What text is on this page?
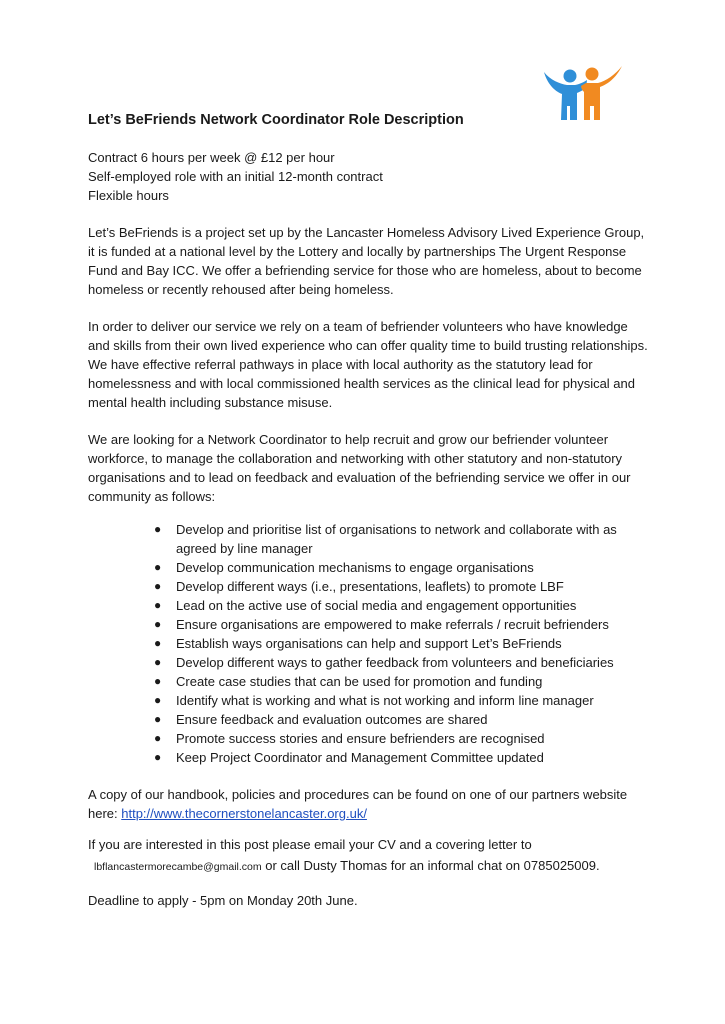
Let’s BeFriends Network Coordinator Role Description
Contract 6 hours per week @ £12 per hour
Self-employed role with an initial 12-month contract
Flexible hours

Let’s BeFriends is a project set up by the Lancaster Homeless Advisory Lived Experience Group, it is funded at a national level by the Lottery and locally by partnerships The Urgent Response Fund and Bay ICC. We offer a befriending service for those who are homeless, about to become homeless or recently rehoused after being homeless.

In order to deliver our service we rely on a team of befriender volunteers who have knowledge and skills from their own lived experience who can offer quality time to build trusting relationships. We have effective referral pathways in place with local authority as the statutory lead for homelessness and with local commissioned health services as the clinical lead for physical and mental health including substance misuse.

We are looking for a Network Coordinator to help recruit and grow our befriender volunteer workforce, to manage the collaboration and networking with other statutory and non-statutory organisations and to lead on feedback and evaluation of the befriending service we offer in our community as follows:

● Develop and prioritise list of organisations to network and collaborate with as agreed by line manager
● Develop communication mechanisms to engage organisations
● Develop different ways (i.e., presentations, leaflets) to promote LBF
● Lead on the active use of social media and engagement opportunities
● Ensure organisations are empowered to make referrals / recruit befrienders
● Establish ways organisations can help and support Let’s BeFriends
● Develop different ways to gather feedback from volunteers and beneficiaries
● Create case studies that can be used for promotion and funding
● Identify what is working and what is not working and inform line manager
● Ensure feedback and evaluation outcomes are shared
● Promote success stories and ensure befrienders are recognised
● Keep Project Coordinator and Management Committee updated

A copy of our handbook, policies and procedures can be found on one of our partners website here: http://www.thecornerstonelancaster.org.uk/

If you are interested in this post please email your CV and a covering letter to

lbflancastermorecambe@gmail.com or call Dusty Thomas for an informal chat on 0785025009.

Deadline to apply - 5pm on Monday 20th June.
